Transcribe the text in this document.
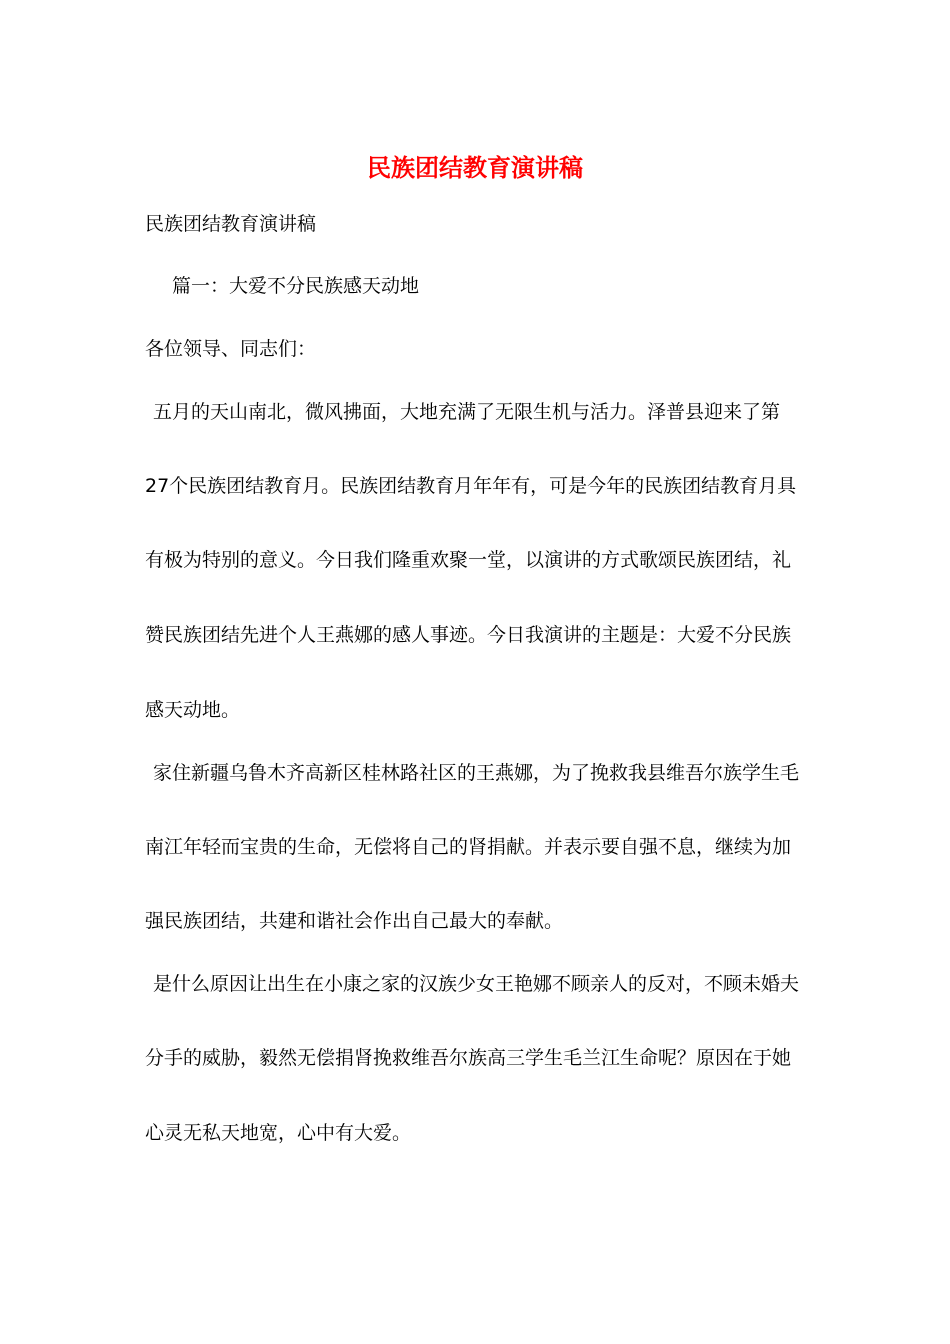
民族团结教育演讲稿

民族团结教育演讲稿

篇一：大爱不分民族感天动地

各位领导、同志们：

五月的天山南北，微风拂面，大地充满了无限生机与活力。泽普县迎来了第

27个民族团结教育月。民族团结教育月年年有，可是今年的民族团结教育月具

有极为特别的意义。今日我们隆重欢聚一堂，以演讲的方式歌颂民族团结，礼

赞民族团结先进个人王燕娜的感人事迹。今日我演讲的主题是：大爱不分民族

感天动地。

家住新疆乌鲁木齐高新区桂林路社区的王燕娜，为了挽救我县维吾尔族学生毛

南江年轻而宝贵的生命，无偿将自己的肾捐献。并表示要自强不息，继续为加

强民族团结，共建和谐社会作出自己最大的奉献。

是什么原因让出生在小康之家的汉族少女王艳娜不顾亲人的反对，不顾未婚夫

分手的威胁，毅然无偿捐肾挽救维吾尔族高三学生毛兰江生命呢？原因在于她

心灵无私天地宽，心中有大爱。
